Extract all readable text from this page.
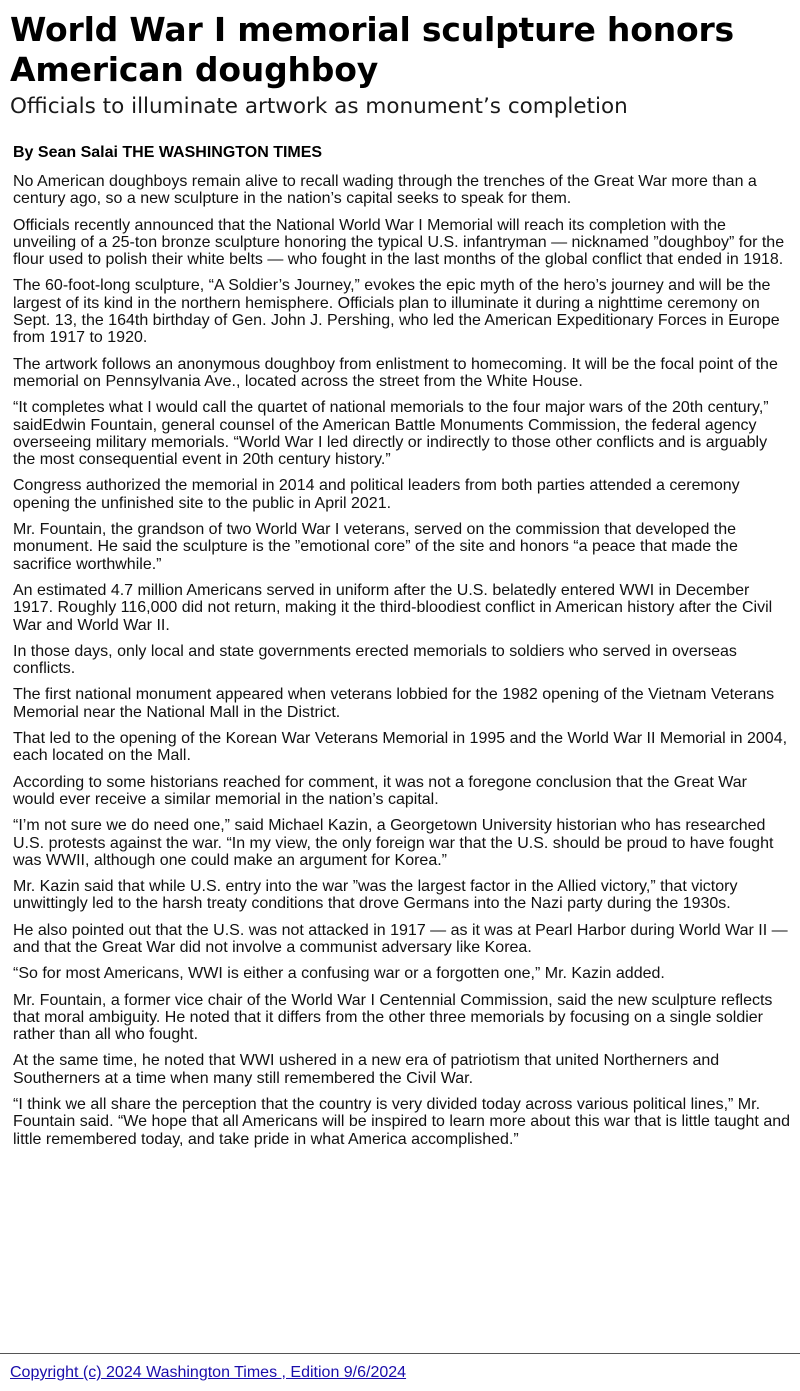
World War I memorial sculpture honors American doughboy
Officials to illuminate artwork as monument’s completion
By Sean Salai THE WASHINGTON TIMES

No American doughboys remain alive to recall wading through the trenches of the Great War more than a century ago, so a new sculpture in the nation’s capital seeks to speak for them.

Officials recently announced that the National World War I Memorial will reach its completion with the unveiling of a 25-ton bronze sculpture honoring the typical U.S. infantryman — nicknamed ”doughboy” for the flour used to polish their white belts — who fought in the last months of the global conflict that ended in 1918.

The 60-foot-long sculpture, “A Soldier’s Journey,” evokes the epic myth of the hero’s journey and will be the largest of its kind in the northern hemisphere. Officials plan to illuminate it during a nighttime ceremony on Sept. 13, the 164th birthday of Gen. John J. Pershing, who led the American Expeditionary Forces in Europe from 1917 to 1920.

The artwork follows an anonymous doughboy from enlistment to homecoming. It will be the focal point of the memorial on Pennsylvania Ave., located across the street from the White House.

“It completes what I would call the quartet of national memorials to the four major wars of the 20th century,” saidEdwin Fountain, general counsel of the American Battle Monuments Commission, the federal agency overseeing military memorials. “World War I led directly or indirectly to those other conflicts and is arguably the most consequential event in 20th century history.”

Congress authorized the memorial in 2014 and political leaders from both parties attended a ceremony opening the unfinished site to the public in April 2021.

Mr. Fountain, the grandson of two World War I veterans, served on the commission that developed the monument. He said the sculpture is the ”emotional core” of the site and honors “a peace that made the sacrifice worthwhile.”

An estimated 4.7 million Americans served in uniform after the U.S. belatedly entered WWI in December 1917. Roughly 116,000 did not return, making it the third-bloodiest conflict in American history after the Civil War and World War II.

In those days, only local and state governments erected memorials to soldiers who served in overseas conflicts.

The first national monument appeared when veterans lobbied for the 1982 opening of the Vietnam Veterans Memorial near the National Mall in the District.

That led to the opening of the Korean War Veterans Memorial in 1995 and the World War II Memorial in 2004, each located on the Mall.

According to some historians reached for comment, it was not a foregone conclusion that the Great War would ever receive a similar memorial in the nation’s capital.

“I’m not sure we do need one,” said Michael Kazin, a Georgetown University historian who has researched U.S. protests against the war. “In my view, the only foreign war that the U.S. should be proud to have fought was WWII, although one could make an argument for Korea.”

Mr. Kazin said that while U.S. entry into the war ”was the largest factor in the Allied victory,” that victory unwittingly led to the harsh treaty conditions that drove Germans into the Nazi party during the 1930s.

He also pointed out that the U.S. was not attacked in 1917 — as it was at Pearl Harbor during World War II — and that the Great War did not involve a communist adversary like Korea.

“So for most Americans, WWI is either a confusing war or a forgotten one,” Mr. Kazin added.

Mr. Fountain, a former vice chair of the World War I Centennial Commission, said the new sculpture reflects that moral ambiguity. He noted that it differs from the other three memorials by focusing on a single soldier rather than all who fought.

At the same time, he noted that WWI ushered in a new era of patriotism that united Northerners and Southerners at a time when many still remembered the Civil War.

“I think we all share the perception that the country is very divided today across various political lines,” Mr. Fountain said. “We hope that all Americans will be inspired to learn more about this war that is little taught and little remembered today, and take pride in what America accomplished.”

Copyright (c) 2024 Washington Times , Edition 9/6/2024
